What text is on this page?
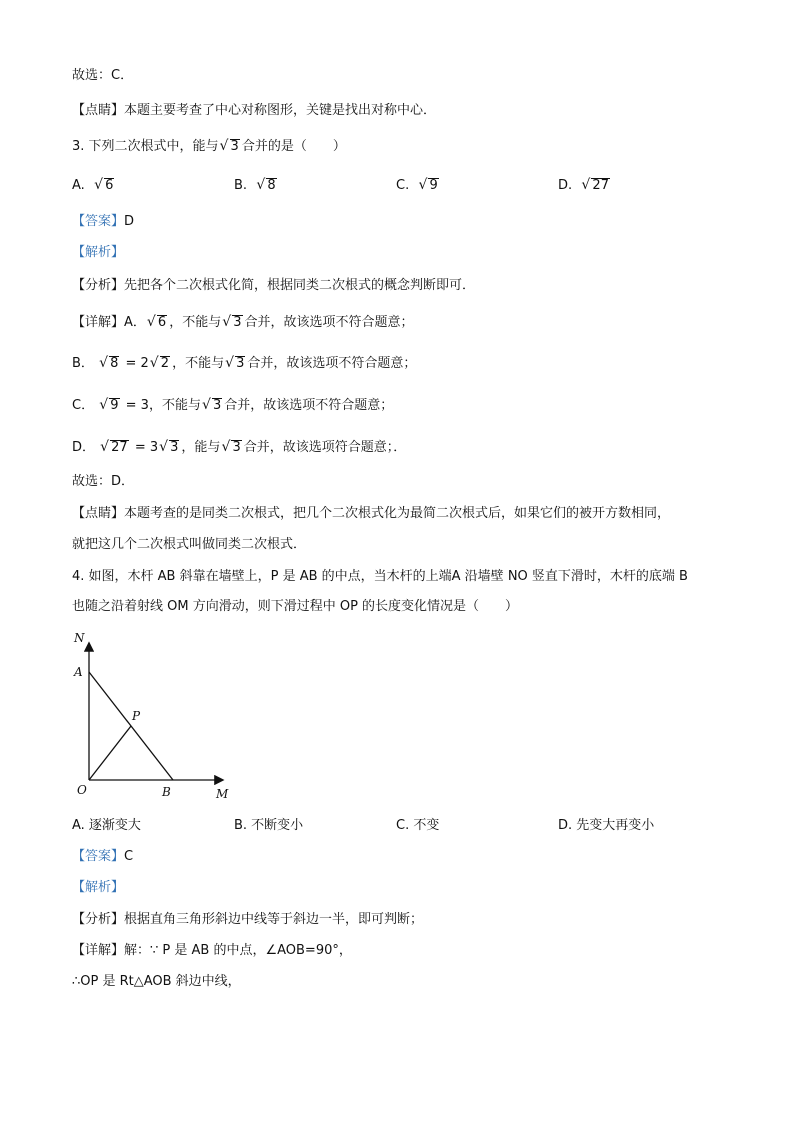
故选：C．
【点睛】本题主要考查了中心对称图形，关键是找出对称中心．
3. 下列二次根式中，能与 √ 3 合并的是（　　）
A. √ 6	B. √ 8	C. √ 9	D. √ 27
【答案】D
【解析】
【分析】先把各个二次根式化简，根据同类二次根式的概念判断即可．
【详解】A． √ 6 ，不能与 √ 3 合并，故该选项不符合题意；
B． √ 8 = 2 √ 2 ，不能与 √ 3 合并，故该选项不符合题意；
C． √ 9 = 3，不能与 √ 3 合并，故该选项不符合题意；
D． √ 27 = 3 √ 3 ，能与 √ 3 合并，故该选项符合题意；．
故选：D．
【点睛】本题考查的是同类二次根式，把几个二次根式化为最简二次根式后，如果它们的被开方数相同，
就把这几个二次根式叫做同类二次根式．
4. 如图，木杆 AB 斜靠在墙壁上，P 是 AB 的中点，当木杆的上端A 沿墙壁 NO 竖直下滑时，木杆的底端 B
也随之沿着射线 OM 方向滑动，则下滑过程中 OP 的长度变化情况是（　　）
N
A
P
O	B	M
A. 逐渐变大	B. 不断变小	C. 不变	D. 先变大再变小
【答案】C
【解析】
【分析】根据直角三角形斜边中线等于斜边一半，即可判断；
【详解】解：∵ P 是 AB 的中点，∠AOB=90°，
∴OP 是 Rt△AOB 斜边中线，
